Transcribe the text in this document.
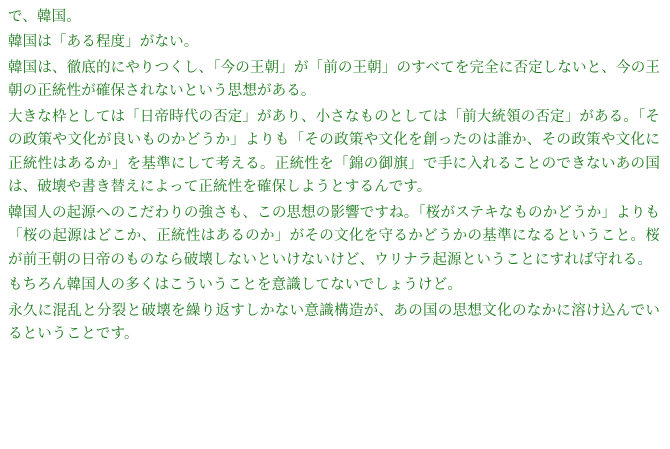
で、韓国。

韓国は「ある程度」がない。

韓国は、徹底的にやりつくし、「今の王朝」が「前の王朝」のすべてを完全に否定しないと、今の王朝の正統性が確保されないという思想がある。

大きな枠としては「日帝時代の否定」があり、小さなものとしては「前大統領の否定」がある。「その政策や文化が良いものかどうか」よりも「その政策や文化を創ったのは誰か、その政策や文化に正統性はあるか」を基準にして考える。正統性を「錦の御旗」で手に入れることのできないあの国は、破壊や書き替えによって正統性を確保しようとするんです。

韓国人の起源へのこだわりの強さも、この思想の影響ですね。「桜がステキなものかどうか」よりも「桜の起源はどこか、正統性はあるのか」がその文化を守るかどうかの基準になるということ。桜が前王朝の日帝のものなら破壊しないといけないけど、ウリナラ起源ということにすれば守れる。

もちろん韓国人の多くはこういうことを意識してないでしょうけど。

永久に混乱と分裂と破壊を繰り返すしかない意識構造が、あの国の思想文化のなかに溶け込んでいるということです。
